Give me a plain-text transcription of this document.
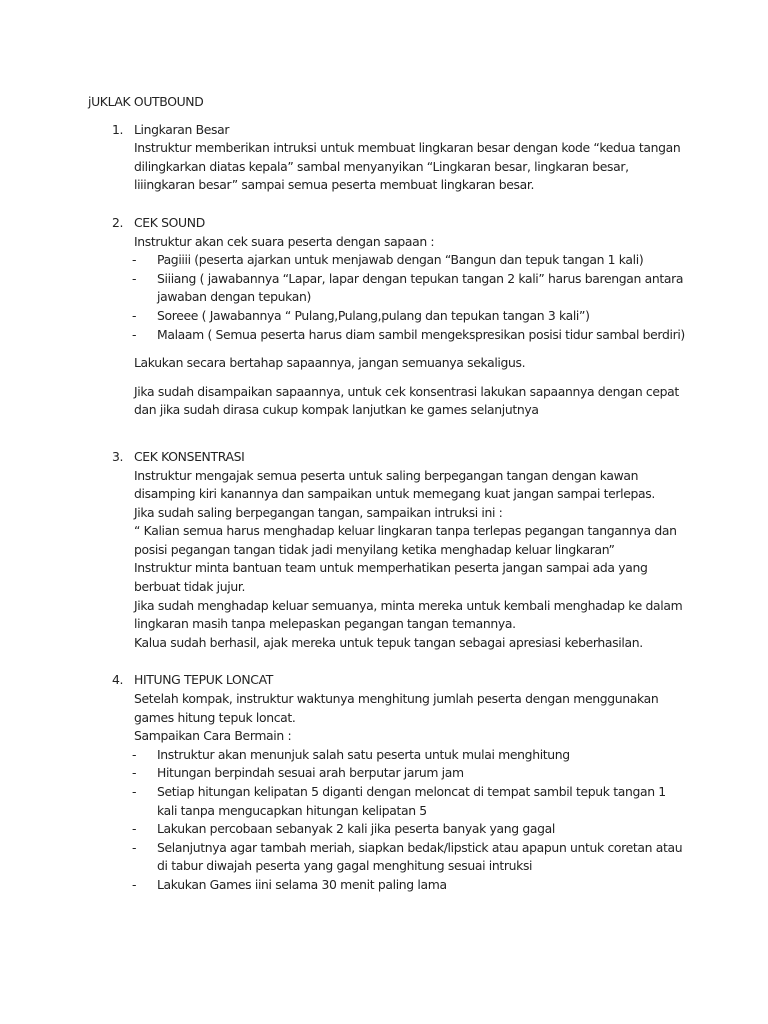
jUKLAK OUTBOUND

1. Lingkaran Besar

Instruktur memberikan intruksi untuk membuat lingkaran besar dengan kode “kedua tangan dilingkarkan diatas kepala” sambal menyanyikan “Lingkaran besar, lingkaran besar, liiingkaran besar” sampai semua peserta membuat lingkaran besar.

2. CEK SOUND

Instruktur akan cek suara peserta dengan sapaan :

- Pagiiii (peserta ajarkan untuk menjawab dengan “Bangun dan tepuk tangan 1 kali)
- Siiiang ( jawabannya “Lapar, lapar dengan tepukan tangan 2 kali” harus barengan antara jawaban dengan tepukan)
- Soreee ( Jawabannya “ Pulang,Pulang,pulang dan tepukan tangan 3 kali”)
- Malaam ( Semua peserta harus diam sambil mengekspresikan posisi tidur sambal berdiri)

Lakukan secara bertahap sapaannya, jangan semuanya sekaligus.

Jika sudah disampaikan sapaannya, untuk cek konsentrasi lakukan sapaannya dengan cepat dan jika sudah dirasa cukup kompak lanjutkan ke games selanjutnya

3. CEK KONSENTRASI

Instruktur mengajak semua peserta untuk saling berpegangan tangan dengan kawan disamping kiri kanannya dan sampaikan untuk memegang kuat jangan sampai terlepas.

Jika sudah saling berpegangan tangan, sampaikan intruksi ini :

“ Kalian semua harus menghadap keluar lingkaran tanpa terlepas pegangan tangannya dan posisi pegangan tangan tidak jadi menyilang ketika menghadap keluar lingkaran”

Instruktur minta bantuan team untuk memperhatikan peserta jangan sampai ada yang berbuat tidak jujur.

Jika sudah menghadap keluar semuanya, minta mereka untuk kembali menghadap ke dalam lingkaran masih tanpa melepaskan pegangan tangan temannya.

Kalua sudah berhasil, ajak mereka untuk tepuk tangan sebagai apresiasi keberhasilan.

4. HITUNG TEPUK LONCAT

Setelah kompak, instruktur waktunya menghitung jumlah peserta dengan menggunakan games hitung tepuk loncat.

Sampaikan Cara Bermain :

- Instruktur akan menunjuk salah satu peserta untuk mulai menghitung
- Hitungan berpindah sesuai arah berputar jarum jam
- Setiap hitungan kelipatan 5 diganti dengan meloncat di tempat sambil tepuk tangan 1 kali tanpa mengucapkan hitungan kelipatan 5
- Lakukan percobaan sebanyak 2 kali jika peserta banyak yang gagal
- Selanjutnya agar tambah meriah, siapkan bedak/lipstick atau apapun untuk coretan atau di tabur diwajah peserta yang gagal menghitung sesuai intruksi
- Lakukan Games iini selama 30 menit paling lama
